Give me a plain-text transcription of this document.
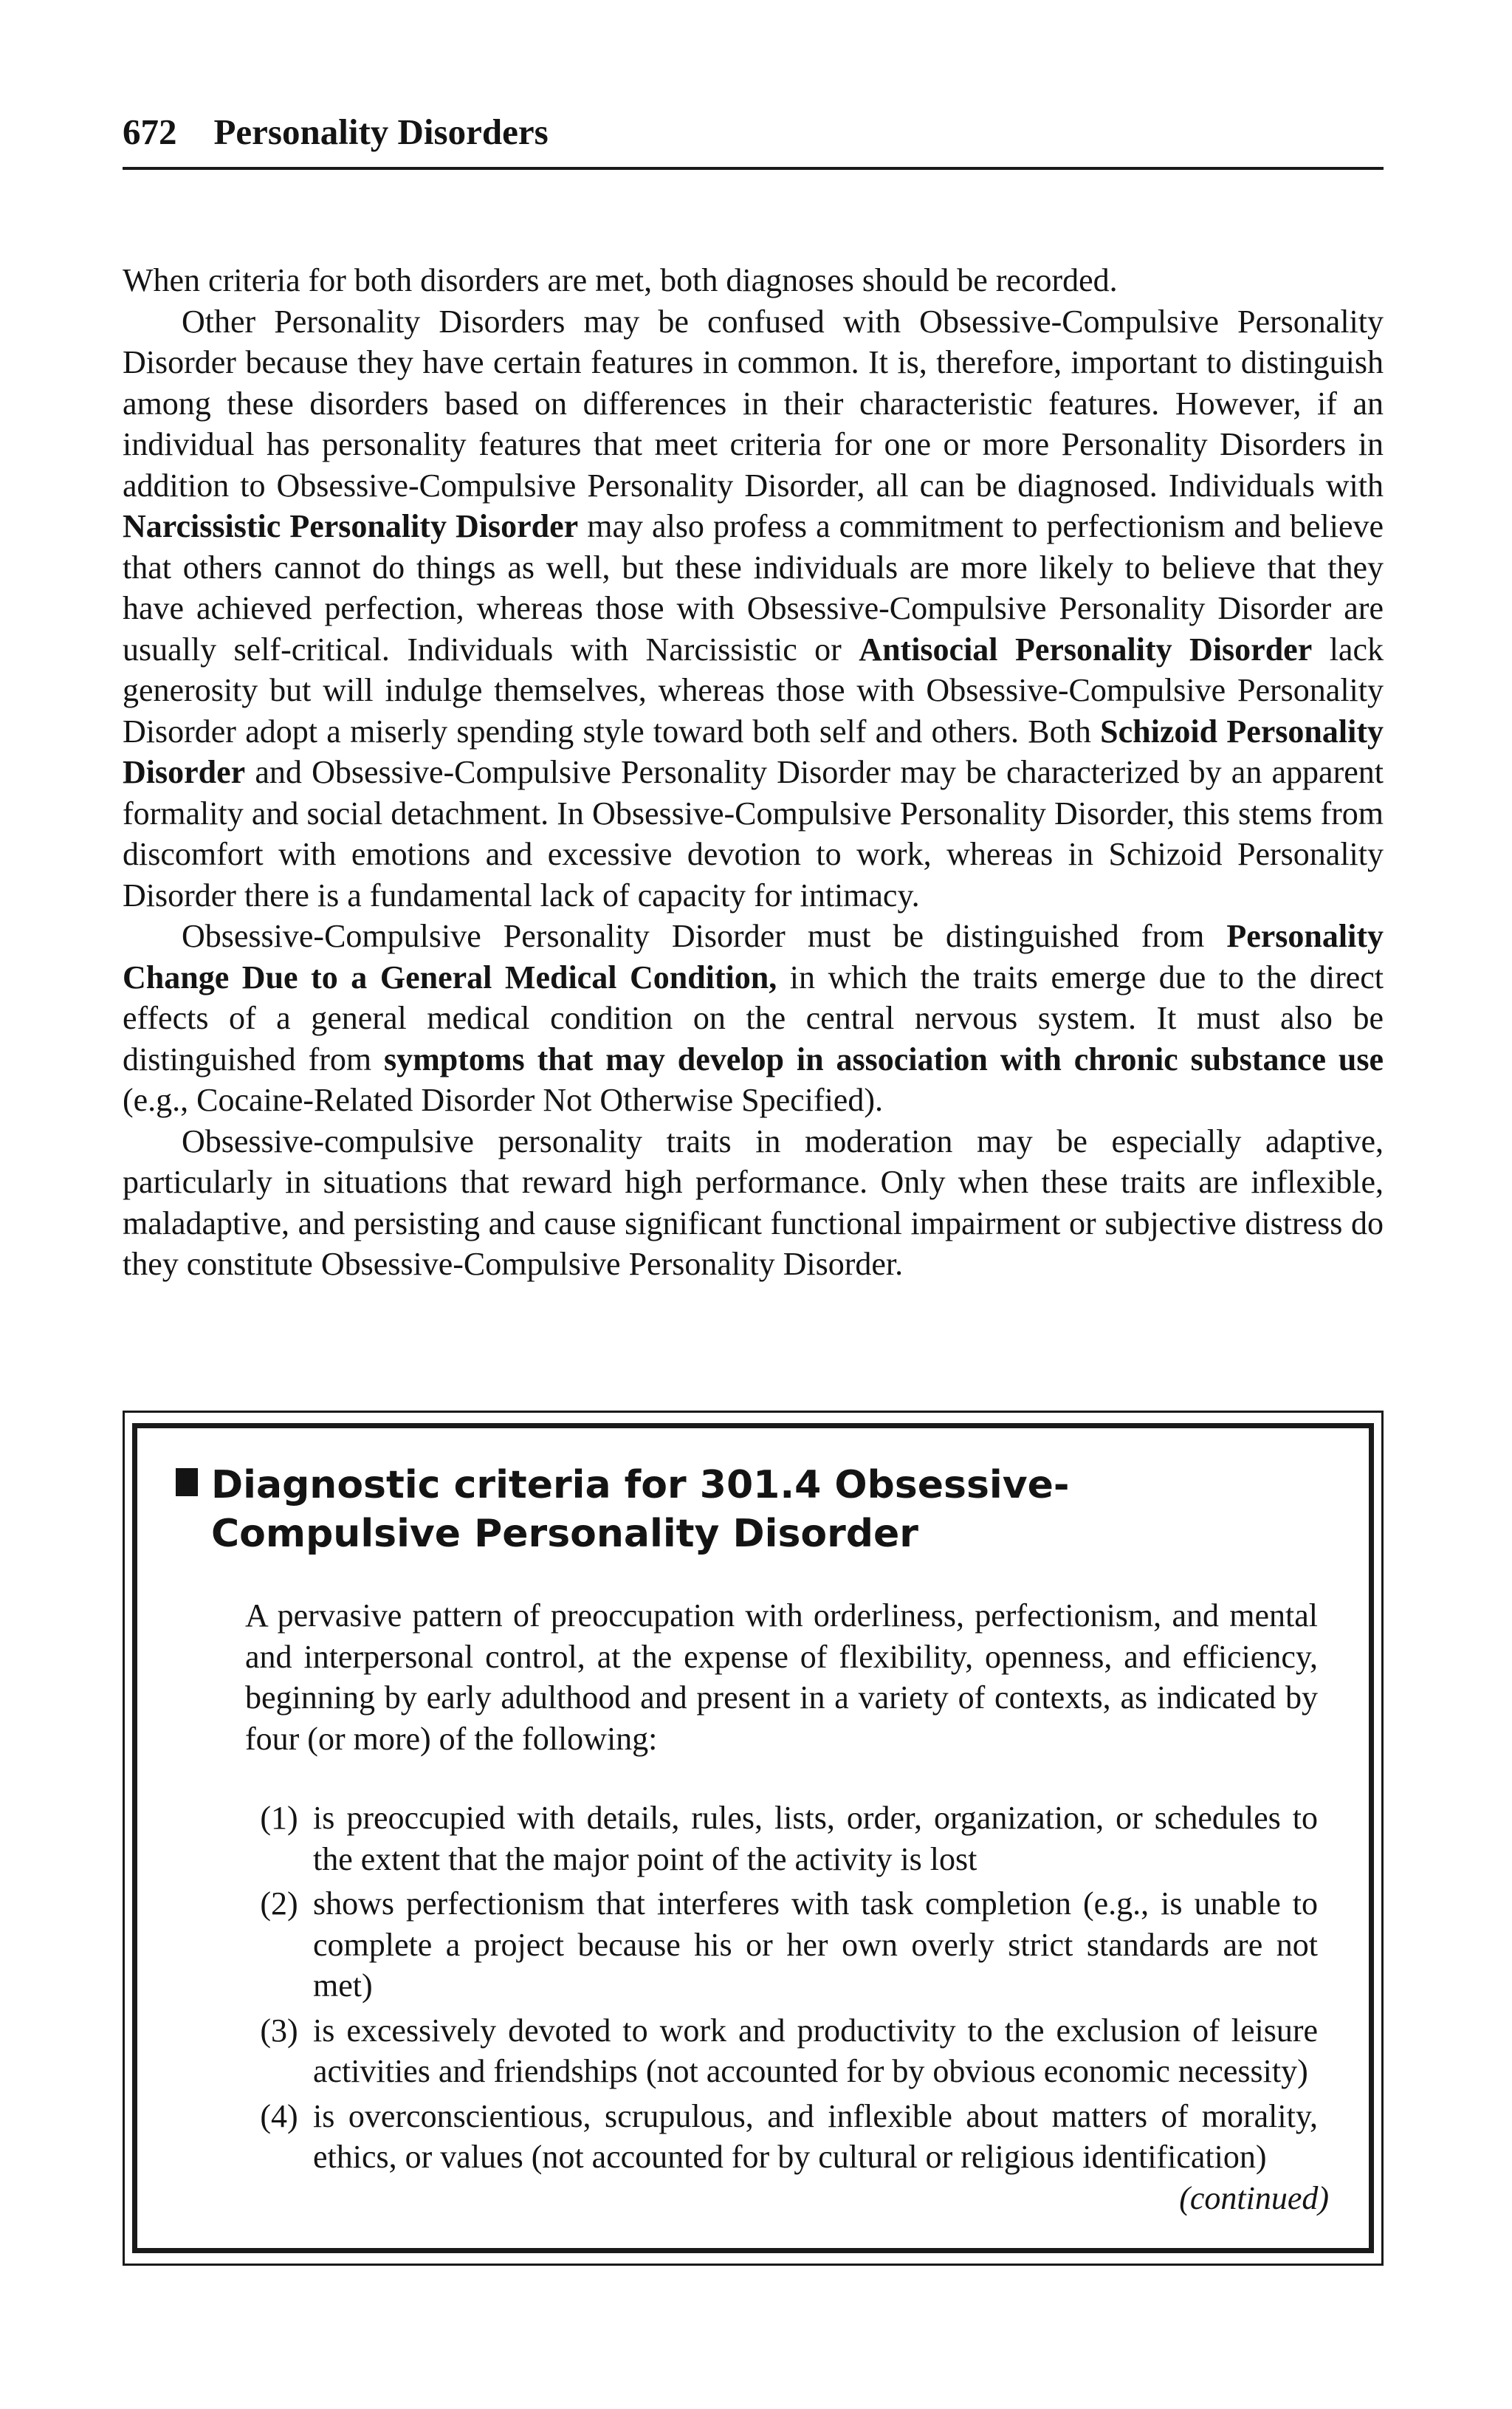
672 Personality Disorders

When criteria for both disorders are met, both diagnoses should be recorded.

Other Personality Disorders may be confused with Obsessive-Compulsive Personality Disorder because they have certain features in common. It is, therefore, important to distinguish among these disorders based on differences in their characteristic features. However, if an individual has personality features that meet criteria for one or more Personality Disorders in addition to Obsessive-Compulsive Personality Disorder, all can be diagnosed. Individuals with Narcissistic Personality Disorder may also profess a commitment to perfectionism and believe that others cannot do things as well, but these individuals are more likely to believe that they have achieved perfection, whereas those with Obsessive-Compulsive Personality Disorder are usually self-critical. Individuals with Narcissistic or Antisocial Personality Disorder lack generosity but will indulge themselves, whereas those with Obsessive-Compulsive Personality Disorder adopt a miserly spending style toward both self and others. Both Schizoid Personality Disorder and Obsessive-Compulsive Personality Disorder may be characterized by an apparent formality and social detachment. In Obsessive-Compulsive Personality Disorder, this stems from discomfort with emotions and excessive devotion to work, whereas in Schizoid Personality Disorder there is a fundamental lack of capacity for intimacy.

Obsessive-Compulsive Personality Disorder must be distinguished from Personality Change Due to a General Medical Condition, in which the traits emerge due to the direct effects of a general medical condition on the central nervous system. It must also be distinguished from symptoms that may develop in association with chronic substance use (e.g., Cocaine-Related Disorder Not Otherwise Specified).

Obsessive-compulsive personality traits in moderation may be especially adaptive, particularly in situations that reward high performance. Only when these traits are inflexible, maladaptive, and persisting and cause significant functional impairment or subjective distress do they constitute Obsessive-Compulsive Personality Disorder.

Diagnostic criteria for 301.4 Obsessive-Compulsive Personality Disorder

A pervasive pattern of preoccupation with orderliness, perfectionism, and mental and interpersonal control, at the expense of flexibility, openness, and efficiency, beginning by early adulthood and present in a variety of contexts, as indicated by four (or more) of the following:

(1) is preoccupied with details, rules, lists, order, organization, or schedules to the extent that the major point of the activity is lost
(2) shows perfectionism that interferes with task completion (e.g., is unable to complete a project because his or her own overly strict standards are not met)
(3) is excessively devoted to work and productivity to the exclusion of leisure activities and friendships (not accounted for by obvious economic necessity)
(4) is overconscientious, scrupulous, and inflexible about matters of morality, ethics, or values (not accounted for by cultural or religious identification)
(continued)
